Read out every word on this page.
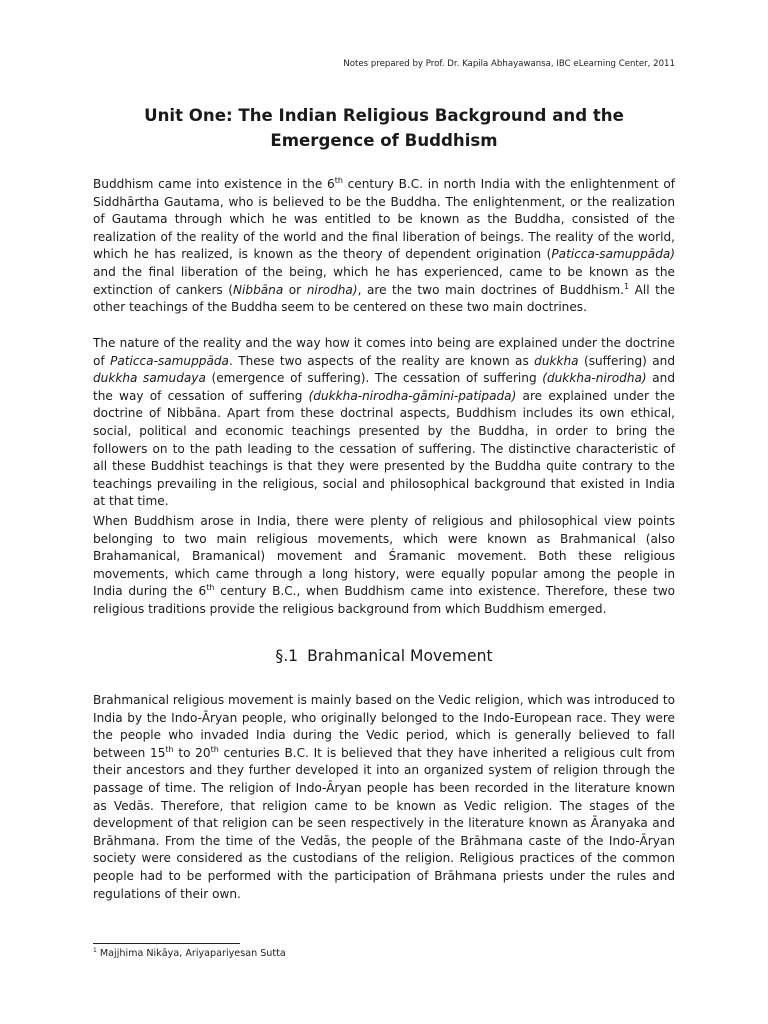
Notes prepared by Prof. Dr. Kapila Abhayawansa, IBC eLearning Center, 2011
Unit One: The Indian Religious Background and the Emergence of Buddhism

Buddhism came into existence in the 6th century B.C. in north India with the enlightenment of Siddhārtha Gautama, who is believed to be the Buddha. The enlightenment, or the realization of Gautama through which he was entitled to be known as the Buddha, consisted of the realization of the reality of the world and the final liberation of beings. The reality of the world, which he has realized, is known as the theory of dependent origination (Paticca-samuppāda) and the final liberation of the being, which he has experienced, came to be known as the extinction of cankers (Nibbāna or nirodha), are the two main doctrines of Buddhism.$^1$ All the other teachings of the Buddha seem to be centered on these two main doctrines.

The nature of the reality and the way how it comes into being are explained under the doctrine of Paticca-samuppāda. These two aspects of the reality are known as dukkha (suffering) and dukkha samudaya (emergence of suffering). The cessation of suffering (dukkha-nirodha) and the way of cessation of suffering (dukkha-nirodha-gāmini-patipada) are explained under the doctrine of Nibbāna. Apart from these doctrinal aspects, Buddhism includes its own ethical, social, political and economic teachings presented by the Buddha, in order to bring the followers on to the path leading to the cessation of suffering. The distinctive characteristic of all these Buddhist teachings is that they were presented by the Buddha quite contrary to the teachings prevailing in the religious, social and philosophical background that existed in India at that time.

When Buddhism arose in India, there were plenty of religious and philosophical view points belonging to two main religious movements, which were known as Brahmanical (also Brahamanical, Bramanical) movement and Śramanic movement. Both these religious movements, which came through a long history, were equally popular among the people in India during the 6th century B.C., when Buddhism came into existence. Therefore, these two religious traditions provide the religious background from which Buddhism emerged.

§.1 Brahmanical Movement

Brahmanical religious movement is mainly based on the Vedic religion, which was introduced to India by the Indo-Āryan people, who originally belonged to the Indo-European race. They were the people who invaded India during the Vedic period, which is generally believed to fall between 15th to 20th centuries B.C. It is believed that they have inherited a religious cult from their ancestors and they further developed it into an organized system of religion through the passage of time. The religion of Indo-Āryan people has been recorded in the literature known as Vedās. Therefore, that religion came to be known as Vedic religion. The stages of the development of that religion can be seen respectively in the literature known as Āranyaka and Brāhmana. From the time of the Vedās, the people of the Brāhmana caste of the Indo-Āryan society were considered as the custodians of the religion. Religious practices of the common people had to be performed with the participation of Brāhmana priests under the rules and regulations of their own.

$^1$ Majjhima Nikāya, Ariyapariyesan Sutta
